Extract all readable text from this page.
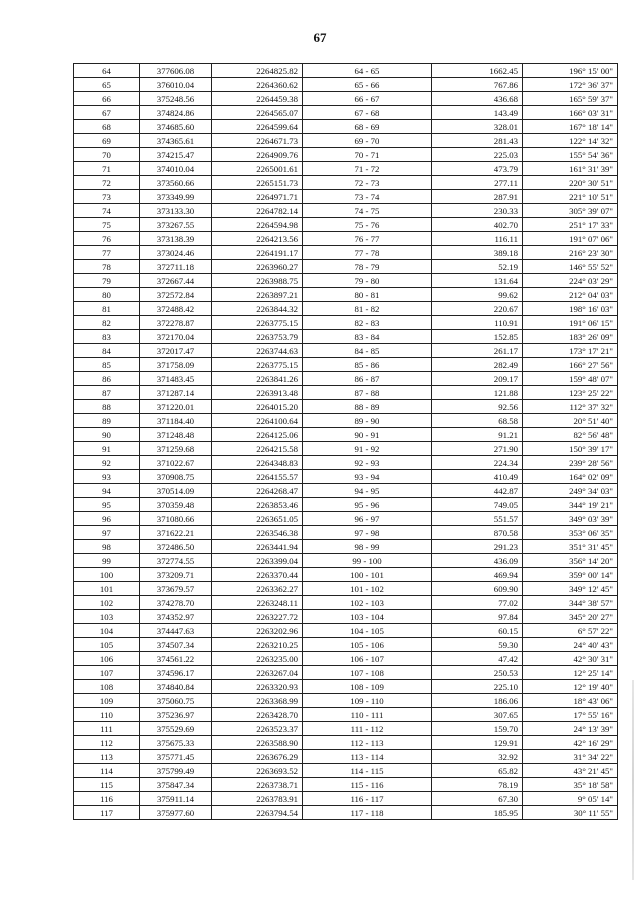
67
64	377606.08	2264825.82	64 - 65	1662.45	196° 15' 00"
65	376010.04	2264360.62	65 - 66	767.86	172° 36' 37"
66	375248.56	2264459.38	66 - 67	436.68	165° 59' 37"
67	374824.86	2264565.07	67 - 68	143.49	166° 03' 31"
68	374685.60	2264599.64	68 - 69	328.01	167° 18' 14"
69	374365.61	2264671.73	69 - 70	281.43	122° 14' 32"
70	374215.47	2264909.76	70 - 71	225.03	155° 54' 36"
71	374010.04	2265001.61	71 - 72	473.79	161° 31' 39"
72	373560.66	2265151.73	72 - 73	277.11	220° 30' 51"
73	373349.99	2264971.71	73 - 74	287.91	221° 10' 51"
74	373133.30	2264782.14	74 - 75	230.33	305° 39' 07"
75	373267.55	2264594.98	75 - 76	402.70	251° 17' 33"
76	373138.39	2264213.56	76 - 77	116.11	191° 07' 06"
77	373024.46	2264191.17	77 - 78	389.18	216° 23' 30"
78	372711.18	2263960.27	78 - 79	52.19	146° 55' 52"
79	372667.44	2263988.75	79 - 80	131.64	224° 03' 29"
80	372572.84	2263897.21	80 - 81	99.62	212° 04' 03"
81	372488.42	2263844.32	81 - 82	220.67	198° 16' 03"
82	372278.87	2263775.15	82 - 83	110.91	191° 06' 15"
83	372170.04	2263753.79	83 - 84	152.85	183° 26' 09"
84	372017.47	2263744.63	84 - 85	261.17	173° 17' 21"
85	371758.09	2263775.15	85 - 86	282.49	166° 27' 56"
86	371483.45	2263841.26	86 - 87	209.17	159° 48' 07"
87	371287.14	2263913.48	87 - 88	121.88	123° 25' 22"
88	371220.01	2264015.20	88 - 89	92.56	112° 37' 32"
89	371184.40	2264100.64	89 - 90	68.58	20° 51' 40"
90	371248.48	2264125.06	90 - 91	91.21	82° 56' 48"
91	371259.68	2264215.58	91 - 92	271.90	150° 39' 17"
92	371022.67	2264348.83	92 - 93	224.34	239° 28' 56"
93	370908.75	2264155.57	93 - 94	410.49	164° 02' 09"
94	370514.09	2264268.47	94 - 95	442.87	249° 34' 03"
95	370359.48	2263853.46	95 - 96	749.05	344° 19' 21"
96	371080.66	2263651.05	96 - 97	551.57	349° 03' 39"
97	371622.21	2263546.38	97 - 98	870.58	353° 06' 35"
98	372486.50	2263441.94	98 - 99	291.23	351° 31' 45"
99	372774.55	2263399.04	99 - 100	436.09	356° 14' 20"
100	373209.71	2263370.44	100 - 101	469.94	359° 00' 14"
101	373679.57	2263362.27	101 - 102	609.90	349° 12' 45"
102	374278.70	2263248.11	102 - 103	77.02	344° 38' 57"
103	374352.97	2263227.72	103 - 104	97.84	345° 20' 27"
104	374447.63	2263202.96	104 - 105	60.15	6° 57' 22"
105	374507.34	2263210.25	105 - 106	59.30	24° 40' 43"
106	374561.22	2263235.00	106 - 107	47.42	42° 30' 31"
107	374596.17	2263267.04	107 - 108	250.53	12° 25' 14"
108	374840.84	2263320.93	108 - 109	225.10	12° 19' 40"
109	375060.75	2263368.99	109 - 110	186.06	18° 43' 06"
110	375236.97	2263428.70	110 - 111	307.65	17° 55' 16"
111	375529.69	2263523.37	111 - 112	159.70	24° 13' 39"
112	375675.33	2263588.90	112 - 113	129.91	42° 16' 29"
113	375771.45	2263676.29	113 - 114	32.92	31° 34' 22"
114	375799.49	2263693.52	114 - 115	65.82	43° 21' 45"
115	375847.34	2263738.71	115 - 116	78.19	35° 18' 58"
116	375911.14	2263783.91	116 - 117	67.30	9° 05' 14"
117	375977.60	2263794.54	117 - 118	185.95	30° 11' 55"
